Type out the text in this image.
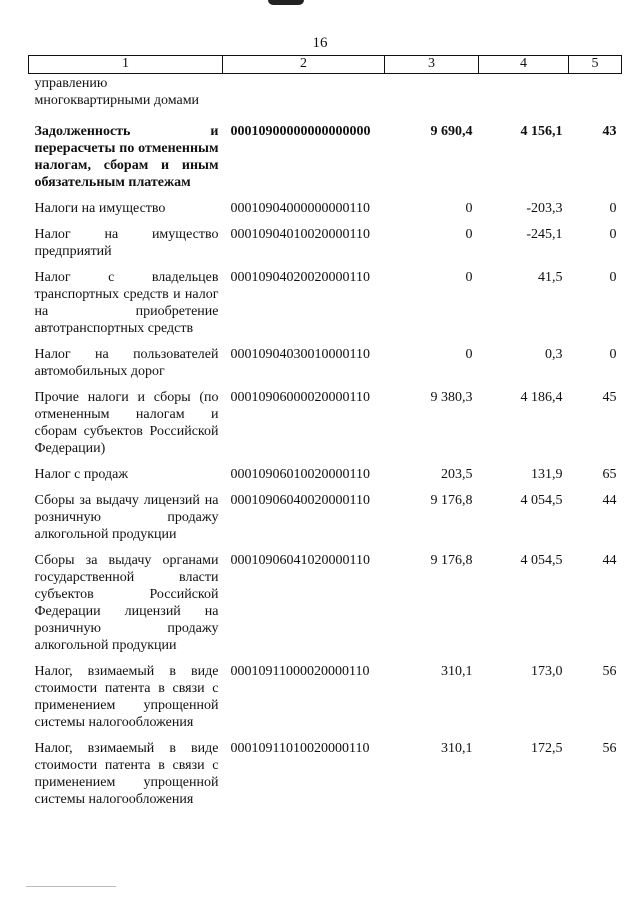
16
1	2	3	4	5
управлению многоквартирными домами				
Задолженность и перерасчеты по отмененным налогам, сборам и иным обязательным платежам	00010900000000000000	9 690,4	4 156,1	43
Налоги на имущество	00010904000000000110	0	-203,3	0
Налог на имущество предприятий	00010904010020000110	0	-245,1	0
Налог с владельцев транспортных средств и налог на приобретение автотранспортных средств	00010904020020000110	0	41,5	0
Налог на пользователей автомобильных дорог	00010904030010000110	0	0,3	0
Прочие налоги и сборы (по отмененным налогам и сборам субъектов Российской Федерации)	00010906000020000110	9 380,3	4 186,4	45
Налог с продаж	00010906010020000110	203,5	131,9	65
Сборы за выдачу лицензий на розничную продажу алкогольной продукции	00010906040020000110	9 176,8	4 054,5	44
Сборы за выдачу органами государственной власти субъектов Российской Федерации лицензий на розничную продажу алкогольной продукции	00010906041020000110	9 176,8	4 054,5	44
Налог, взимаемый в виде стоимости патента в связи с применением упрощенной системы налогообложения	00010911000020000110	310,1	173,0	56
Налог, взимаемый в виде стоимости патента в связи с применением упрощенной системы налогообложения	00010911010020000110	310,1	172,5	56
